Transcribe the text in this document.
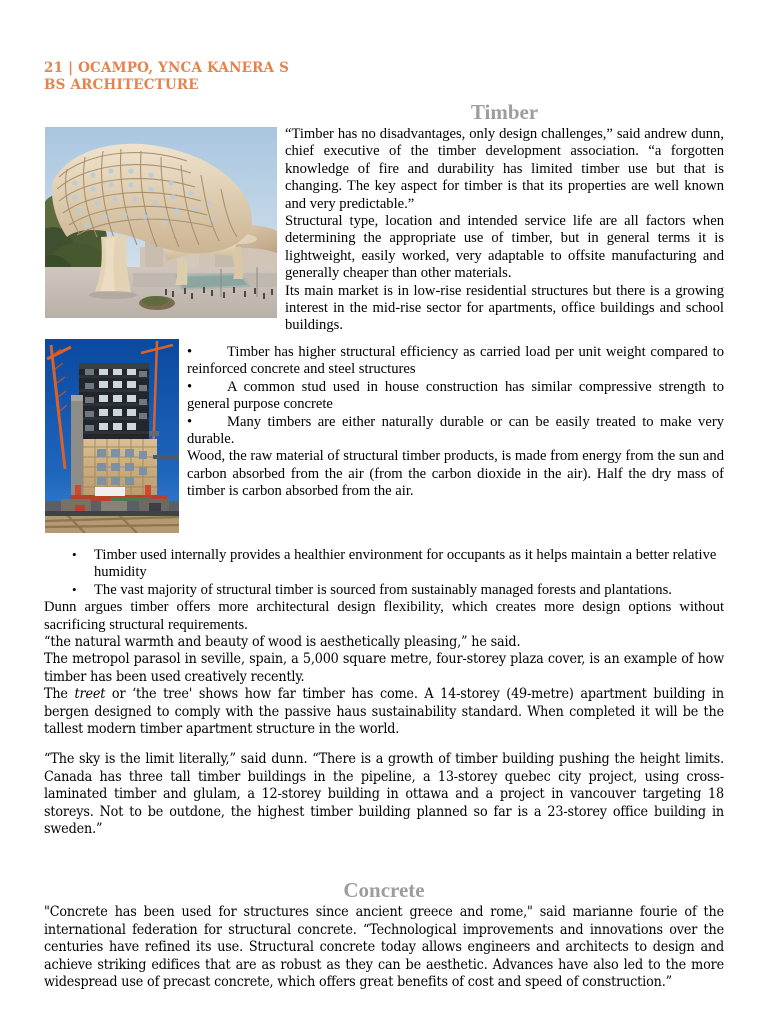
21 | OCAMPO, YNCA KANERA S
BS ARCHITECTURE
Timber

“Timber has no disadvantages, only design challenges,” said andrew dunn, chief executive of the timber development association. “a forgotten knowledge of fire and durability has limited timber use but that is changing. The key aspect for timber is that its properties are well known and very predictable.”

Structural type, location and intended service life are all factors when determining the appropriate use of timber, but in general terms it is lightweight, easily worked, very adaptable to offsite manufacturing and generally cheaper than other materials.

Its main market is in low-rise residential structures but there is a growing interest in the mid-rise sector for apartments, office buildings and school buildings.

• Timber has higher structural efficiency as carried load per unit weight compared to reinforced concrete and steel structures
• A common stud used in house construction has similar compressive strength to general purpose concrete
• Many timbers are either naturally durable or can be easily treated to make very durable.

Wood, the raw material of structural timber products, is made from energy from the sun and carbon absorbed from the air (from the carbon dioxide in the air). Half the dry mass of timber is carbon absorbed from the air.

• Timber used internally provides a healthier environment for occupants as it helps maintain a better relative humidity
• The vast majority of structural timber is sourced from sustainably managed forests and plantations.

Dunn argues timber offers more architectural design flexibility, which creates more design options without sacrificing structural requirements.

“the natural warmth and beauty of wood is aesthetically pleasing,” he said.

The metropol parasol in seville, spain, a 5,000 square metre, four-storey plaza cover, is an example of how timber has been used creatively recently.

The treet or ‘the tree' shows how far timber has come. A 14-storey (49-metre) apartment building in bergen designed to comply with the passive haus sustainability standard. When completed it will be the tallest modern timber apartment structure in the world.

“The sky is the limit literally,” said dunn. “There is a growth of timber building pushing the height limits. Canada has three tall timber buildings in the pipeline, a 13-storey quebec city project, using cross-laminated timber and glulam, a 12-storey building in ottawa and a project in vancouver targeting 18 storeys. Not to be outdone, the highest timber building planned so far is a 23-storey office building in sweden.”

Concrete

"Concrete has been used for structures since ancient greece and rome," said marianne fourie of the international federation for structural concrete. “Technological improvements and innovations over the centuries have refined its use. Structural concrete today allows engineers and architects to design and achieve striking edifices that are as robust as they can be aesthetic. Advances have also led to the more widespread use of precast concrete, which offers great benefits of cost and speed of construction.”
